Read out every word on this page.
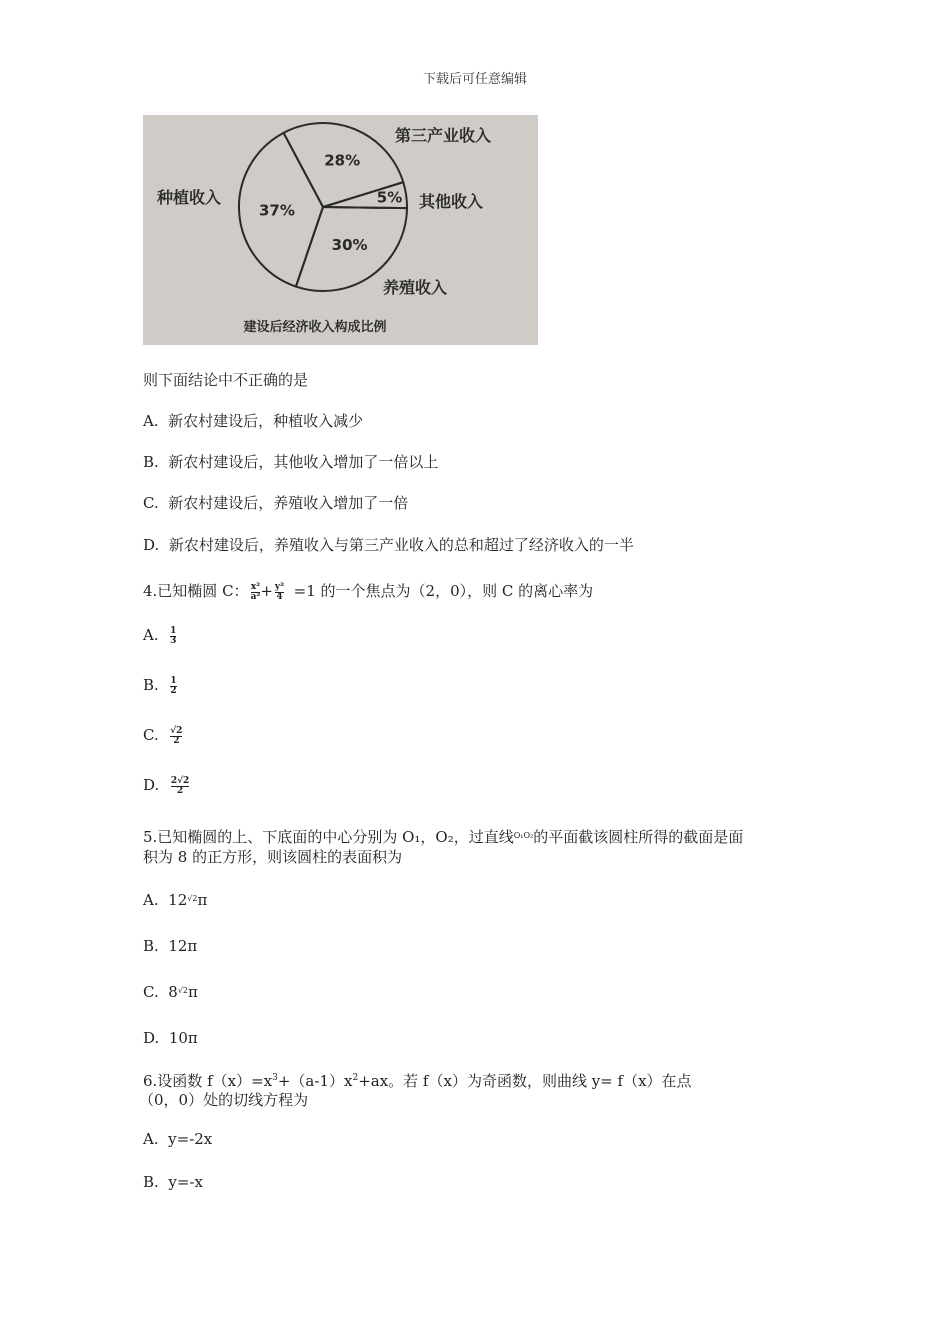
下载后可任意编辑
28%
第三产业收入
5% 其他收入
30%
养殖收入
37%
种植收入
建设后经济收入构成比例
则下面结论中不正确的是
A. 新农村建设后，种植收入减少
B. 新农村建设后，其他收入增加了一倍以上
C. 新农村建设后，养殖收入增加了一倍
D. 新农村建设后，养殖收入与第三产业收入的总和超过了经济收入的一半
4.已知椭圆 C： $\frac{\text{x²}}{\text{a²}} + \frac{\text{y²}}{4} =1$ 的一个焦点为（2，0），则 C 的离心率为
A. $\frac{1}{3}$
B. $\frac{1}{2}$
C. $\frac{√2}{2}$
D. $\frac{2√2}{2}$
5.已知椭圆的上、下底面的中心分别为 O₁，O₂，过直线$^{O_1O_2}$的平面截该圆柱所得的截面是面
积为 8 的正方形，则该圆柱的表面积为
A. $12^{√2}\pi$
B. 12π
C. $8^{√2}\pi$
D. 10π
6.设函数 $f(x)=x^3+(a-1)x^2+ax$。若 f（x）为奇函数，则曲线 y= f（x）在点
（0，0）处的切线方程为
A. y=-2x
B. y=-x
